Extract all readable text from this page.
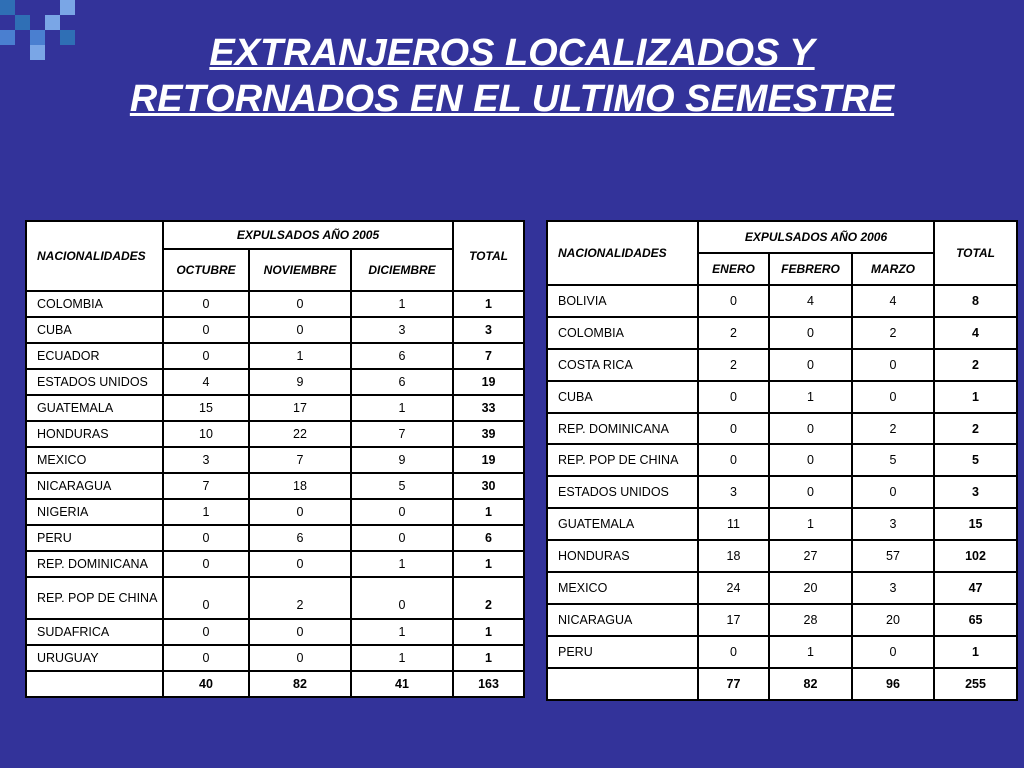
EXTRANJEROS LOCALIZADOS Y
RETORNADOS EN EL ULTIMO SEMESTRE
NACIONALIDADES	EXPULSADOS AÑO 2005			TOTAL
	OCTUBRE	NOVIEMBRE	DICIEMBRE	
COLOMBIA	0	0	1	1
CUBA	0	0	3	3
ECUADOR	0	1	6	7
ESTADOS UNIDOS	4	9	6	19
GUATEMALA	15	17	1	33
HONDURAS	10	22	7	39
MEXICO	3	7	9	19
NICARAGUA	7	18	5	30
NIGERIA	1	0	0	1
PERU	0	6	0	6
REP. DOMINICANA	0	0	1	1
REP. POP DE CHINA	0	2	0	2
SUDAFRICA	0	0	1	1
URUGUAY	0	0	1	1
	40	82	41	163
NACIONALIDADES	EXPULSADOS AÑO 2006			TOTAL
	ENERO	FEBRERO	MARZO	
BOLIVIA	0	4	4	8
COLOMBIA	2	0	2	4
COSTA RICA	2	0	0	2
CUBA	0	1	0	1
REP. DOMINICANA	0	0	2	2
REP. POP DE CHINA	0	0	5	5
ESTADOS UNIDOS	3	0	0	3
GUATEMALA	11	1	3	15
HONDURAS	18	27	57	102
MEXICO	24	20	3	47
NICARAGUA	17	28	20	65
PERU	0	1	0	1
	77	82	96	255
